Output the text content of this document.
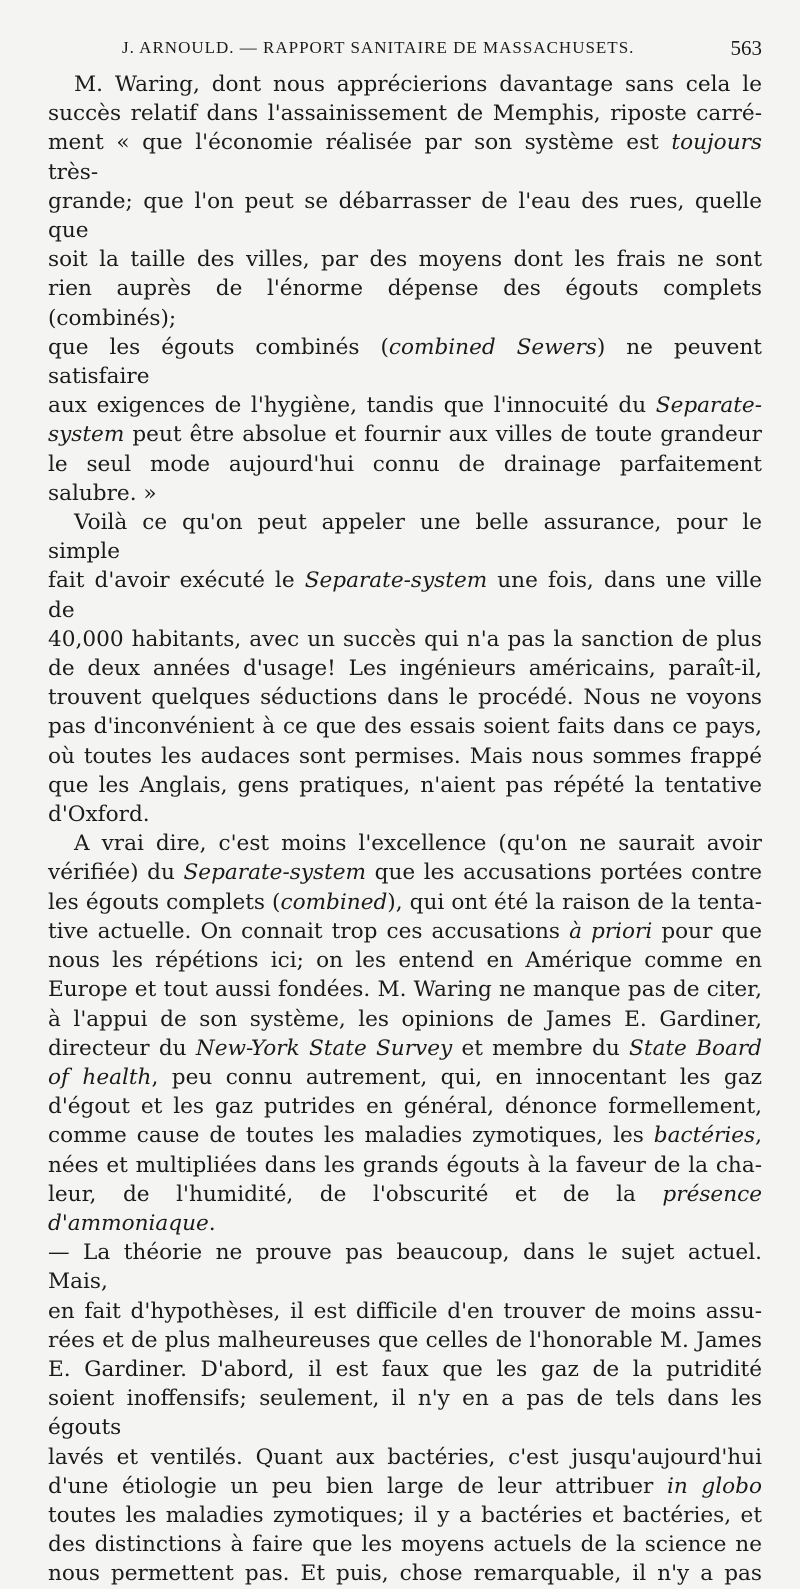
J. ARNOULD. — RAPPORT SANITAIRE DE MASSACHUSETS.	563

M. Waring, dont nous apprécierions davantage sans cela le
succès relatif dans l'assainissement de Memphis, riposte carré-
ment « que l'économie réalisée par son système est toujours très-
grande; que l'on peut se débarrasser de l'eau des rues, quelle que
soit la taille des villes, par des moyens dont les frais ne sont
rien auprès de l'énorme dépense des égouts complets (combinés);
que les égouts combinés (combined Sewers) ne peuvent satisfaire
aux exigences de l'hygiène, tandis que l'innocuité du Separate-
system peut être absolue et fournir aux villes de toute grandeur
le seul mode aujourd'hui connu de drainage parfaitement
salubre. »

Voilà ce qu'on peut appeler une belle assurance, pour le simple
fait d'avoir exécuté le Separate-system une fois, dans une ville de
40,000 habitants, avec un succès qui n'a pas la sanction de plus
de deux années d'usage! Les ingénieurs américains, paraît-il,
trouvent quelques séductions dans le procédé. Nous ne voyons
pas d'inconvénient à ce que des essais soient faits dans ce pays,
où toutes les audaces sont permises. Mais nous sommes frappé
que les Anglais, gens pratiques, n'aient pas répété la tentative
d'Oxford.

A vrai dire, c'est moins l'excellence (qu'on ne saurait avoir
vérifiée) du Separate-system que les accusations portées contre
les égouts complets (combined), qui ont été la raison de la tenta-
tive actuelle. On connait trop ces accusations à priori pour que
nous les répétions ici; on les entend en Amérique comme en
Europe et tout aussi fondées. M. Waring ne manque pas de citer,
à l'appui de son système, les opinions de James E. Gardiner,
directeur du New-York State Survey et membre du State Board
of health, peu connu autrement, qui, en innocentant les gaz
d'égout et les gaz putrides en général, dénonce formellement,
comme cause de toutes les maladies zymotiques, les bactéries,
nées et multipliées dans les grands égouts à la faveur de la cha-
leur, de l'humidité, de l'obscurité et de la présence d'ammoniaque.
— La théorie ne prouve pas beaucoup, dans le sujet actuel. Mais,
en fait d'hypothèses, il est difficile d'en trouver de moins assu-
rées et de plus malheureuses que celles de l'honorable M. James
E. Gardiner. D'abord, il est faux que les gaz de la putridité
soient inoffensifs; seulement, il n'y en a pas de tels dans les égouts
lavés et ventilés. Quant aux bactéries, c'est jusqu'aujourd'hui
d'une étiologie un peu bien large de leur attribuer in globo
toutes les maladies zymotiques; il y a bactéries et bactéries, et
des distinctions à faire que les moyens actuels de la science ne
nous permettent pas. Et puis, chose remarquable, il n'y a pas
